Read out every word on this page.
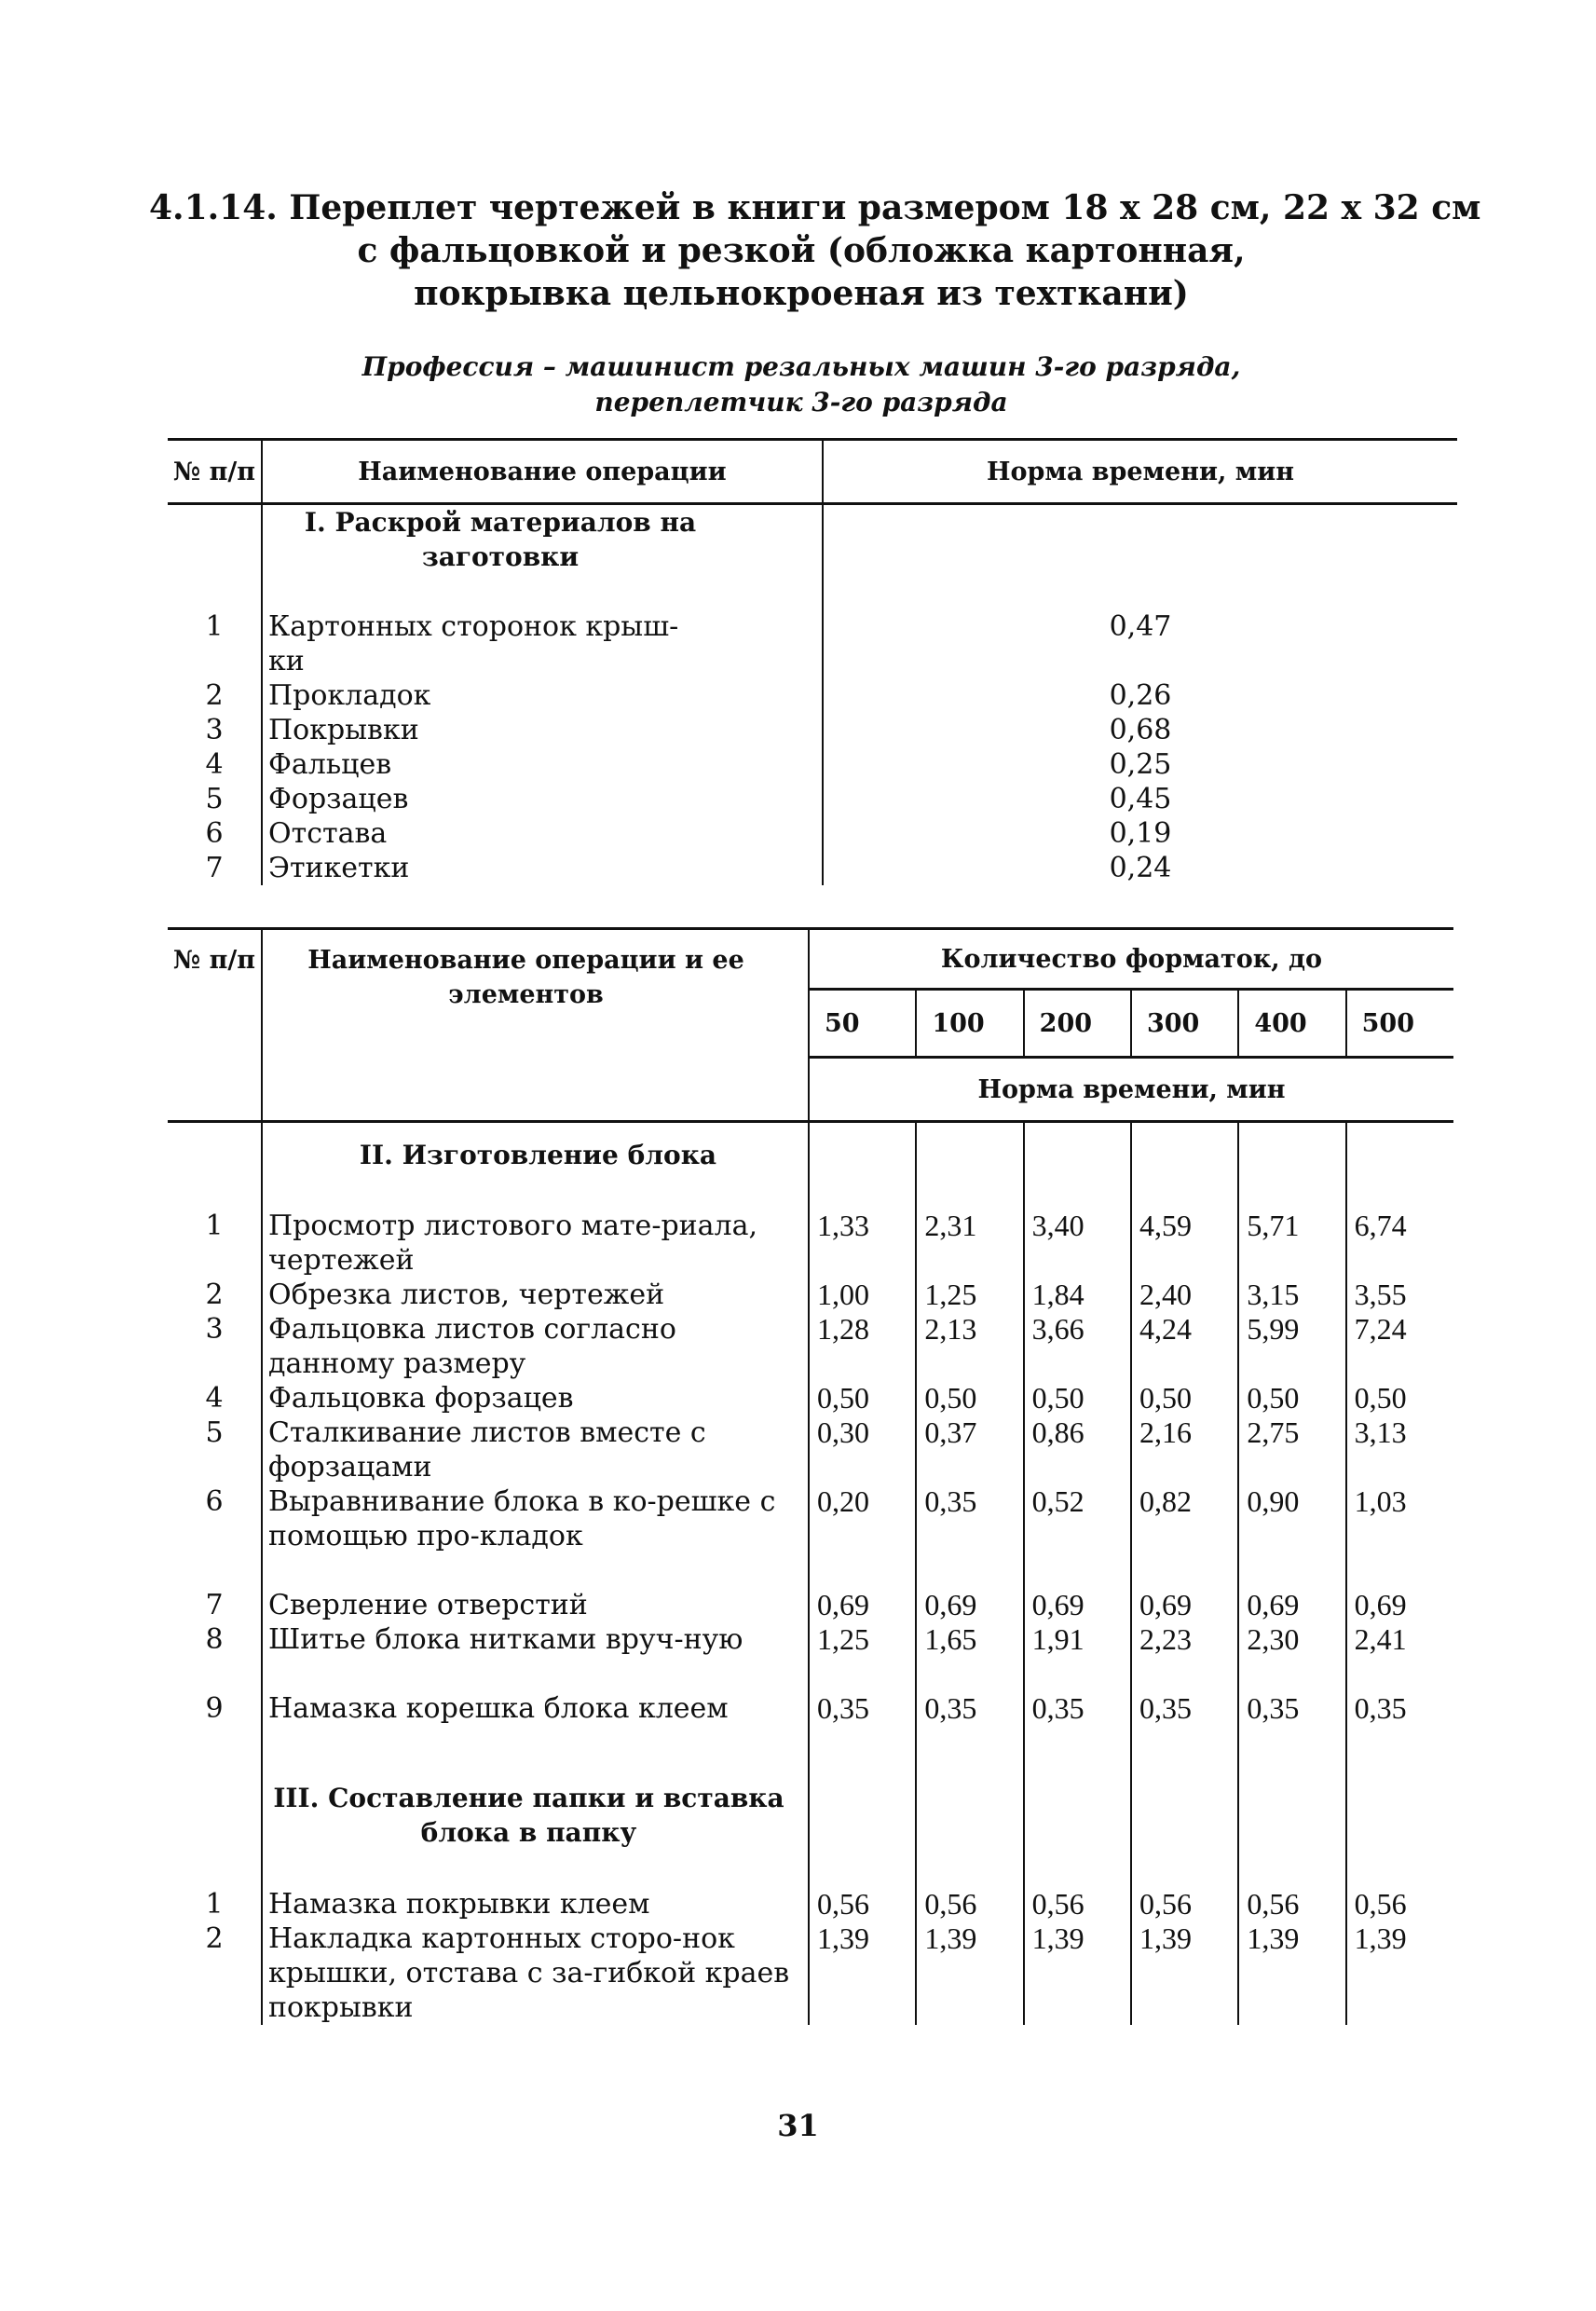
4.1.14. Переплет чертежей в книги размером 18 х 28 см, 22 х 32 см
с фальцовкой и резкой (обложка картонная,
покрывка цельнокроеная из техткани)
Профессия – машинист резальных машин 3-го разряда,
переплетчик 3-го разряда
№ п/п	Наименование операции	Норма времени, мин
	I. Раскрой материалов на заготовки	
1	Картонных сторонок крыш-ки	0,47
2	Прокладок	0,26
3	Покрывки	0,68
4	Фальцев	0,25
5	Форзацев	0,45
6	Отстава	0,19
7	Этикетки	0,24
№ п/п	Наименование операции и ее элементов	Количество форматок, до					
		50	100	200	300	400	500
		Норма времени, мин					

	II. Изготовление блока						
1	Просмотр листового мате-риала, чертежей	1,33	2,31	3,40	4,59	5,71	6,74
2	Обрезка листов, чертежей	1,00	1,25	1,84	2,40	3,15	3,55
3	Фальцовка листов согласно данному размеру	1,28	2,13	3,66	4,24	5,99	7,24
4	Фальцовка форзацев	0,50	0,50	0,50	0,50	0,50	0,50
5	Сталкивание листов вместе с форзацами	0,30	0,37	0,86	2,16	2,75	3,13
6	Выравнивание блока в ко-решке с помощью про-кладок	0,20	0,35	0,52	0,82	0,90	1,03
7	Сверление отверстий	0,69	0,69	0,69	0,69	0,69	0,69
8	Шитье блока нитками вруч-ную	1,25	1,65	1,91	2,23	2,30	2,41
9	Намазка корешка блока клеем	0,35	0,35	0,35	0,35	0,35	0,35
	III. Составление папки и вставка блока в папку						
1	Намазка покрывки клеем	0,56	0,56	0,56	0,56	0,56	0,56
2	Накладка картонных сторо-нок крышки, отстава с за-гибкой краев покрывки	1,39	1,39	1,39	1,39	1,39	1,39
31
